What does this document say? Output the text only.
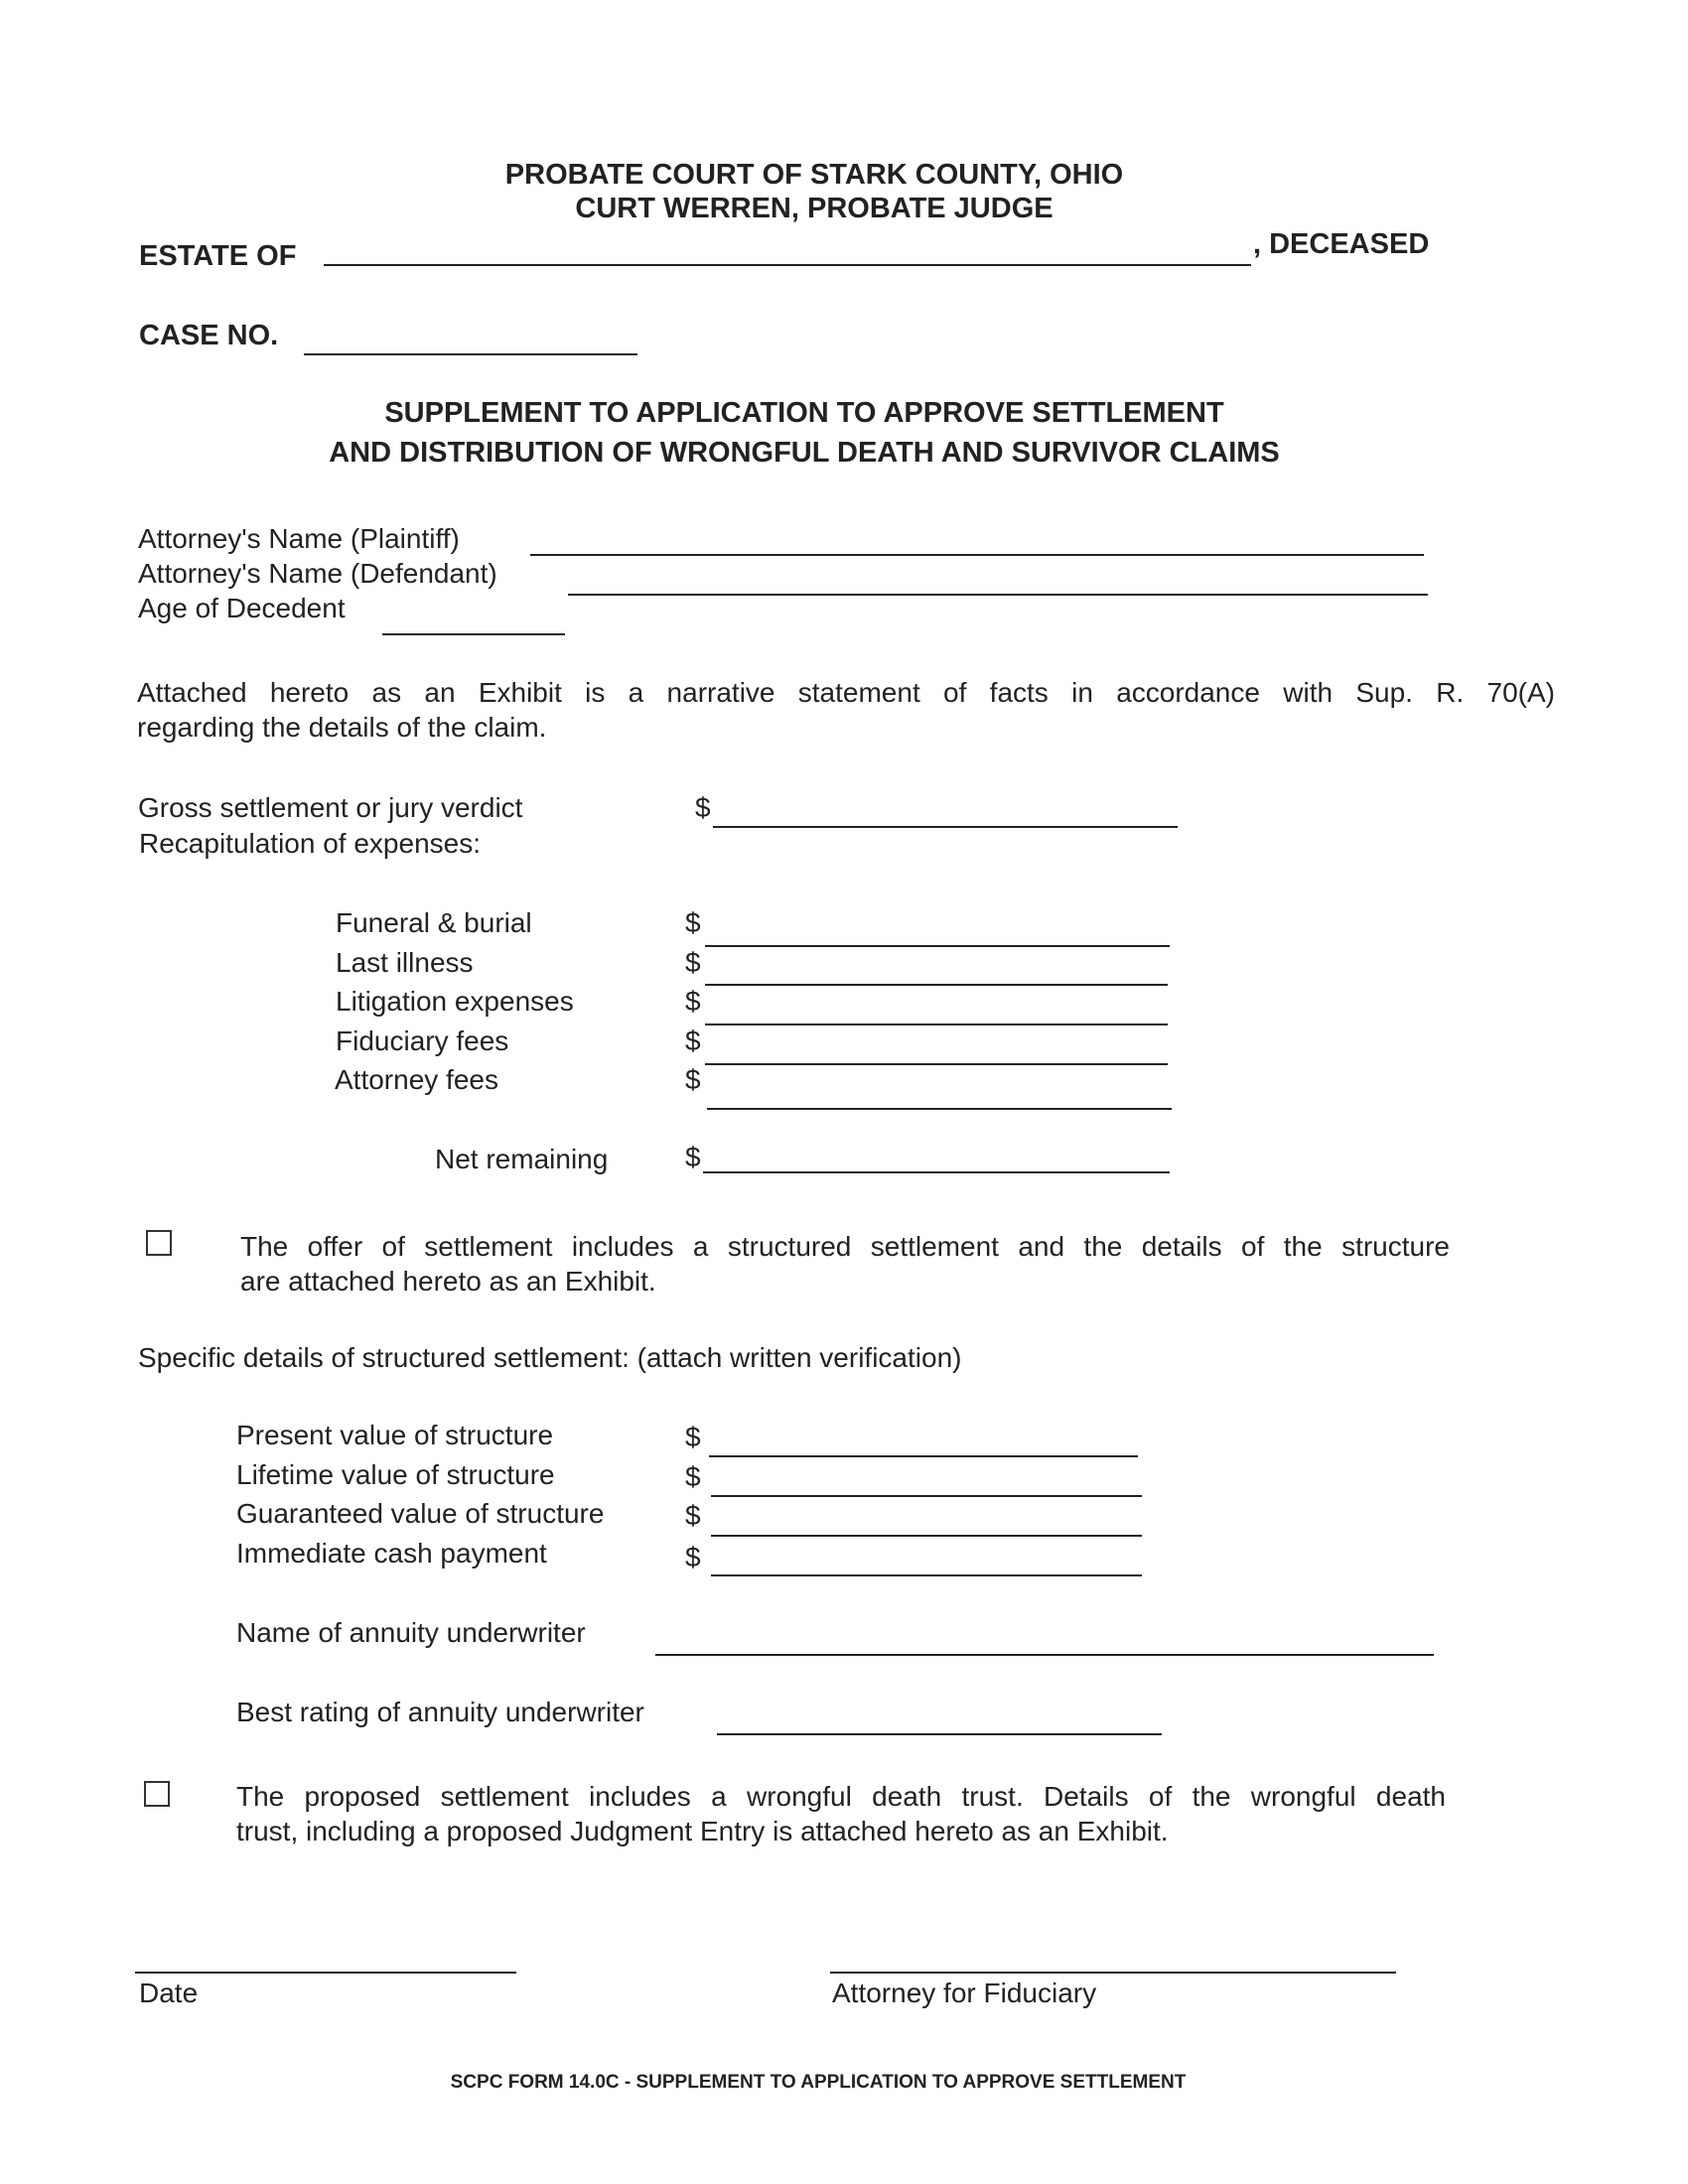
PROBATE COURT OF STARK COUNTY, OHIO
CURT WERREN, PROBATE JUDGE
ESTATE OF	, DECEASED
CASE NO.
SUPPLEMENT TO APPLICATION TO APPROVE SETTLEMENT
AND DISTRIBUTION OF WRONGFUL DEATH AND SURVIVOR CLAIMS
Attorney's Name (Plaintiff)
Attorney's Name (Defendant)
Age of Decedent
Attached hereto as an Exhibit is a narrative statement of facts in accordance with Sup. R. 70(A)
regarding the details of the claim.
Gross settlement or jury verdict	$
Recapitulation of expenses:
Funeral & burial	$
Last illness	$
Litigation expenses	$
Fiduciary fees	$
Attorney fees	$
Net remaining	$
The offer of settlement includes a structured settlement and the details of the structure
are attached hereto as an Exhibit.
Specific details of structured settlement: (attach written verification)
Present value of structure	$
Lifetime value of structure	$
Guaranteed value of structure	$
Immediate cash payment	$
Name of annuity underwriter
Best rating of annuity underwriter
The proposed settlement includes a wrongful death trust. Details of the wrongful death
trust, including a proposed Judgment Entry is attached hereto as an Exhibit.
Date	Attorney for Fiduciary
SCPC FORM 14.0C - SUPPLEMENT TO APPLICATION TO APPROVE SETTLEMENT
